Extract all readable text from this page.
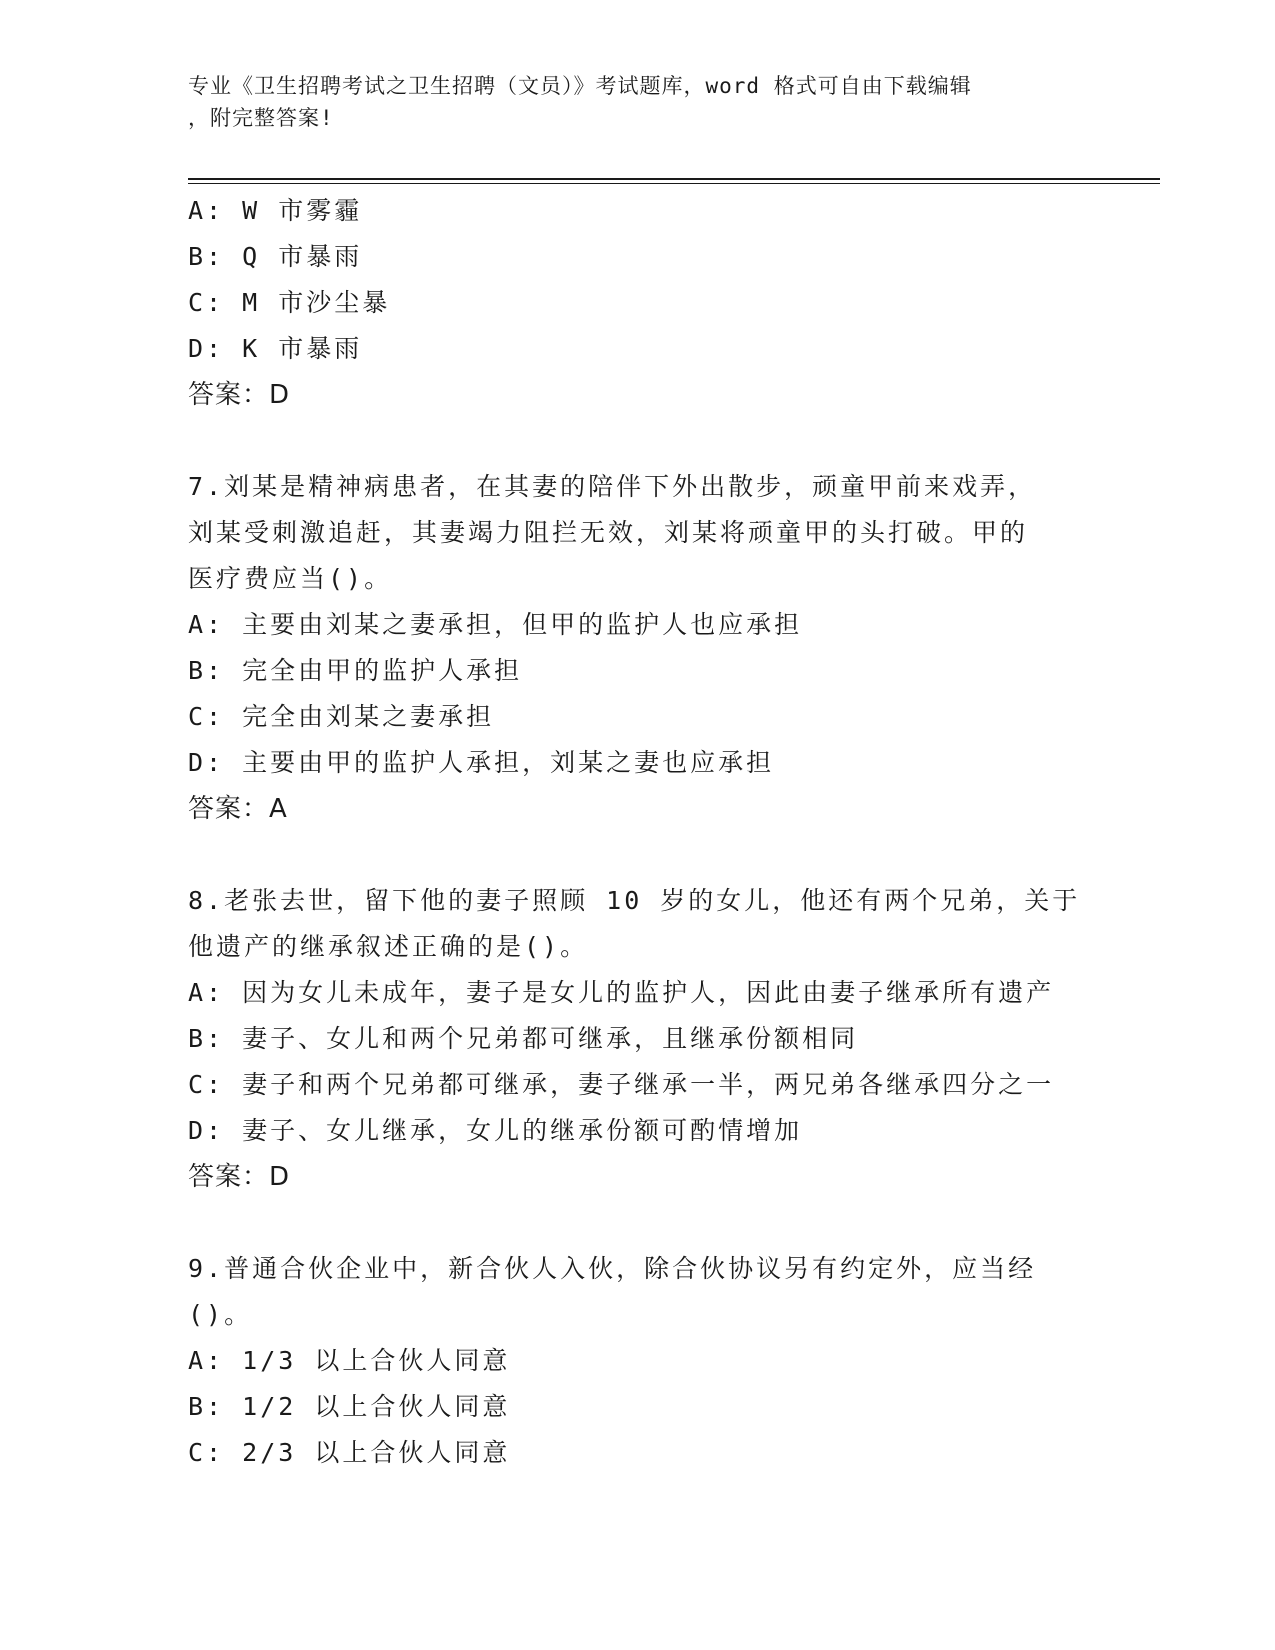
专业《卫生招聘考试之卫生招聘（文员）》考试题库，word 格式可自由下载编辑
，附完整答案!
A: W 市雾霾
B: Q 市暴雨
C: M 市沙尘暴
D: K 市暴雨
答案：D
7.刘某是精神病患者，在其妻的陪伴下外出散步，顽童甲前来戏弄，
刘某受刺激追赶，其妻竭力阻拦无效，刘某将顽童甲的头打破。甲的
医疗费应当()。
A: 主要由刘某之妻承担，但甲的监护人也应承担
B: 完全由甲的监护人承担
C: 完全由刘某之妻承担
D: 主要由甲的监护人承担，刘某之妻也应承担
答案：A
8.老张去世，留下他的妻子照顾 10 岁的女儿，他还有两个兄弟，关于
他遗产的继承叙述正确的是()。
A: 因为女儿未成年，妻子是女儿的监护人，因此由妻子继承所有遗产
B: 妻子、女儿和两个兄弟都可继承，且继承份额相同
C: 妻子和两个兄弟都可继承，妻子继承一半，两兄弟各继承四分之一
D: 妻子、女儿继承，女儿的继承份额可酌情增加
答案：D
9.普通合伙企业中，新合伙人入伙，除合伙协议另有约定外，应当经
()。
A: 1/3 以上合伙人同意
B: 1/2 以上合伙人同意
C: 2/3 以上合伙人同意
